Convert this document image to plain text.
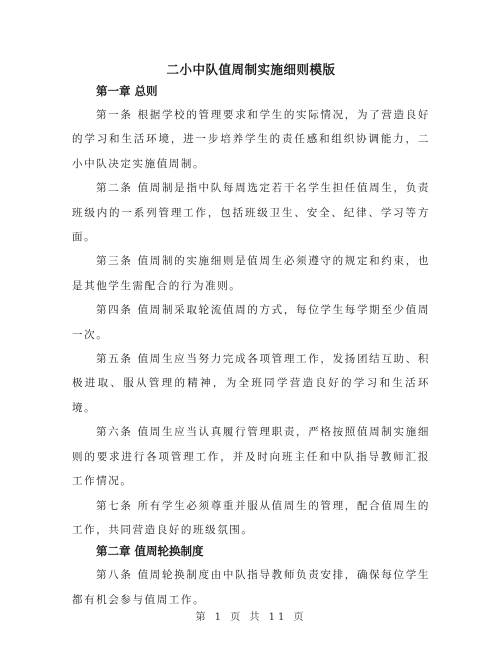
二小中队值周制实施细则模版
第一章 总则

第一条 根据学校的管理要求和学生的实际情况，为了营造良好的学习和生活环境，进一步培养学生的责任感和组织协调能力，二小中队决定实施值周制。

第二条 值周制是指中队每周选定若干名学生担任值周生，负责班级内的一系列管理工作，包括班级卫生、安全、纪律、学习等方面。

第三条 值周制的实施细则是值周生必须遵守的规定和约束，也是其他学生需配合的行为准则。

第四条 值周制采取轮流值周的方式，每位学生每学期至少值周一次。

第五条 值周生应当努力完成各项管理工作，发扬团结互助、积极进取、服从管理的精神，为全班同学营造良好的学习和生活环境。

第六条 值周生应当认真履行管理职责，严格按照值周制实施细则的要求进行各项管理工作，并及时向班主任和中队指导教师汇报工作情况。

第七条 所有学生必须尊重并服从值周生的管理，配合值周生的工作，共同营造良好的班级氛围。

第二章 值周轮换制度

第八条 值周轮换制度由中队指导教师负责安排，确保每位学生都有机会参与值周工作。

第 1 页 共 11 页
